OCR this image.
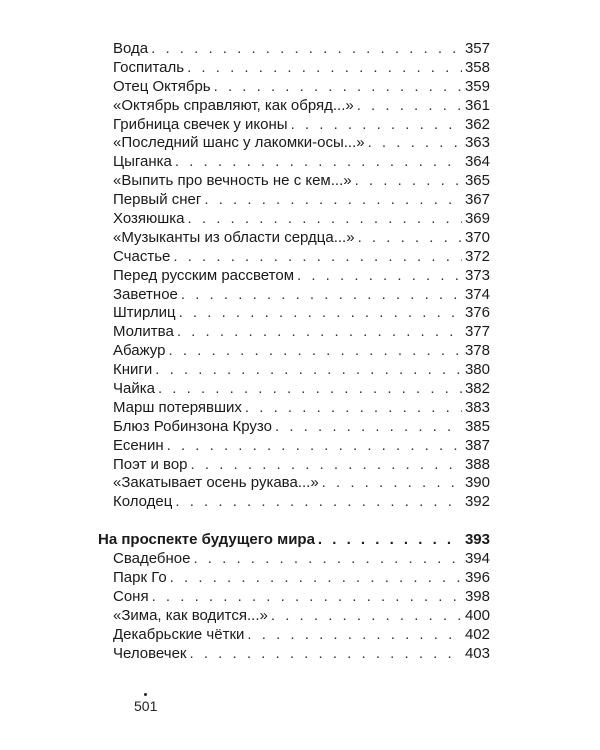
Вода . . .	357
Госпиталь . . .	358
Отец Октябрь . . .	359
«Октябрь справляют, как обряд...» . . .	361
Грибница свечек у иконы . . .	362
«Последний шанс у лакомки-осы...» . . .	363
Цыганка . . .	364
«Выпить про вечность не с кем...» . . .	365
Первый снег . . .	367
Хозяюшка . . .	369
«Музыканты из области сердца...» . . .	370
Счастье . . .	372
Перед русским рассветом . . .	373
Заветное . . .	374
Штирлиц . . .	376
Молитва . . .	377
Абажур . . .	378
Книги . . .	380
Чайка . . .	382
Марш потерявших . . .	383
Блюз Робинзона Крузо . . .	385
Есенин . . .	387
Поэт и вор . . .	388
«Закатывает осень рукава...» . . .	390
Колодец . . .	392
На проспекте будущего мира . . .	393
Свадебное . . .	394
Парк Го . . .	396
Соня . . .	398
«Зима, как водится...» . . .	400
Декабрьские чётки . . .	402
Человечек . . .	403
501
